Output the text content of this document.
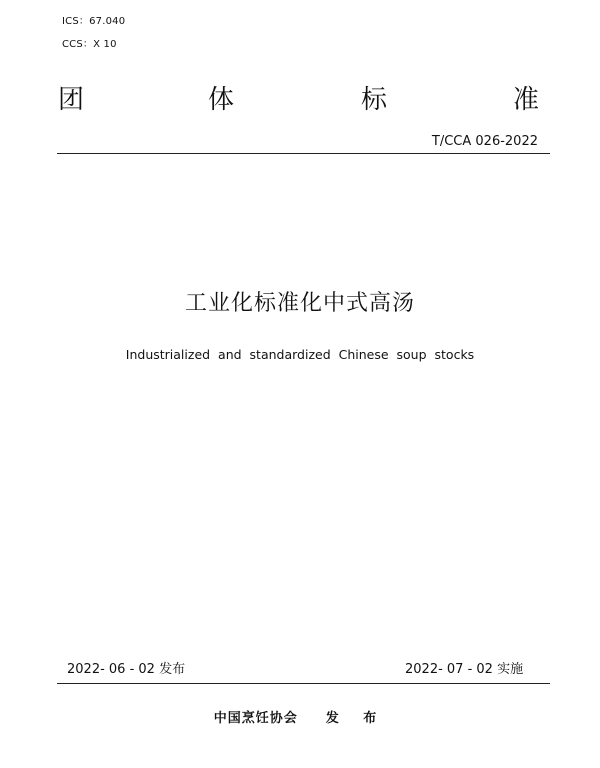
ICS：67.040
CCS：X 10
团	体	标	准
T/CCA 026-2022
工业化标准化中式高汤
Industrialized and standardized Chinese soup stocks
2022- 06 - 02 发布	2022- 07 - 02 实施
中国烹饪协会 发 布
